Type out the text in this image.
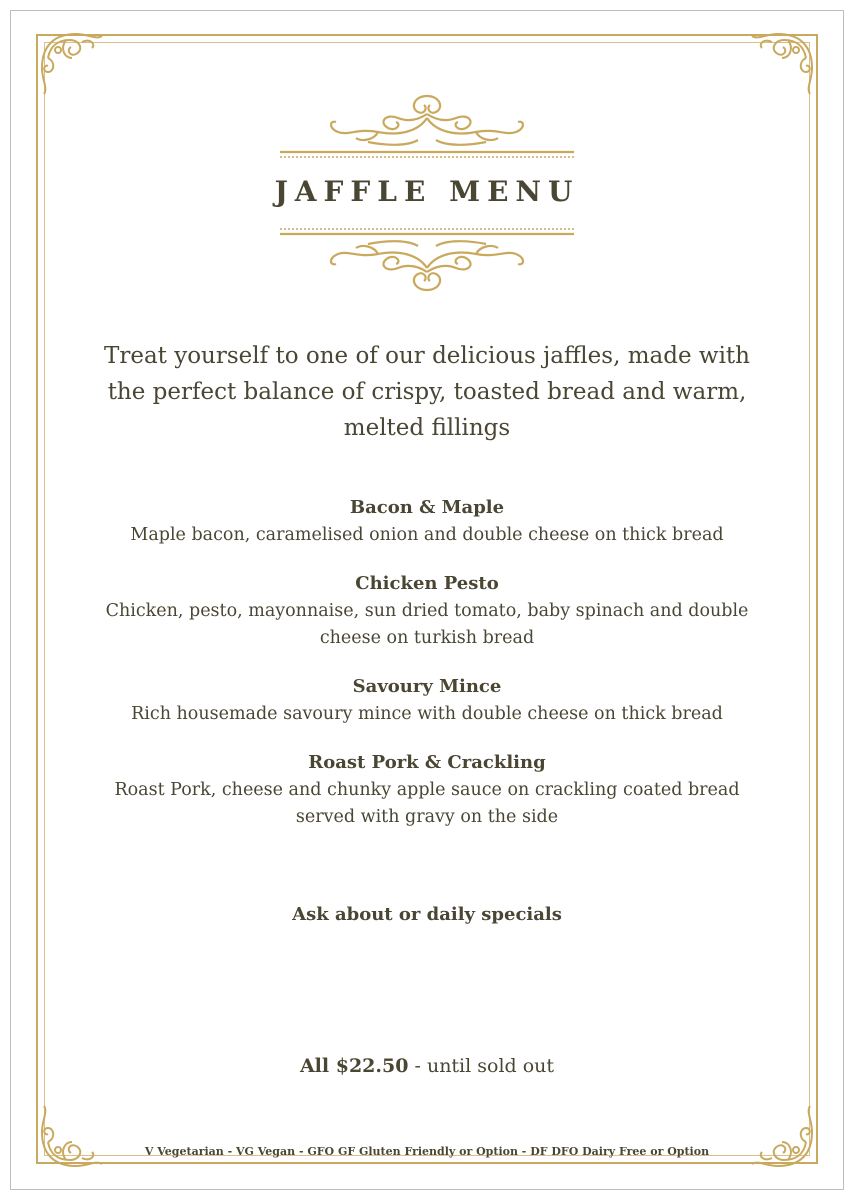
JAFFLE MENU
Treat yourself to one of our delicious jaffles, made with the perfect balance of crispy, toasted bread and warm, melted fillings
Bacon & Maple
Maple bacon, caramelised onion and double cheese on thick bread
Chicken Pesto
Chicken, pesto, mayonnaise, sun dried tomato, baby spinach and double cheese on turkish bread
Savoury Mince
Rich housemade savoury mince with double cheese on thick bread
Roast Pork & Crackling
Roast Pork, cheese and chunky apple sauce on crackling coated bread served with gravy on the side
Ask about or daily specials
All $22.50 - until sold out
V Vegetarian - VG Vegan - GFO GF Gluten Friendly or Option - DF DFO Dairy Free or Option
